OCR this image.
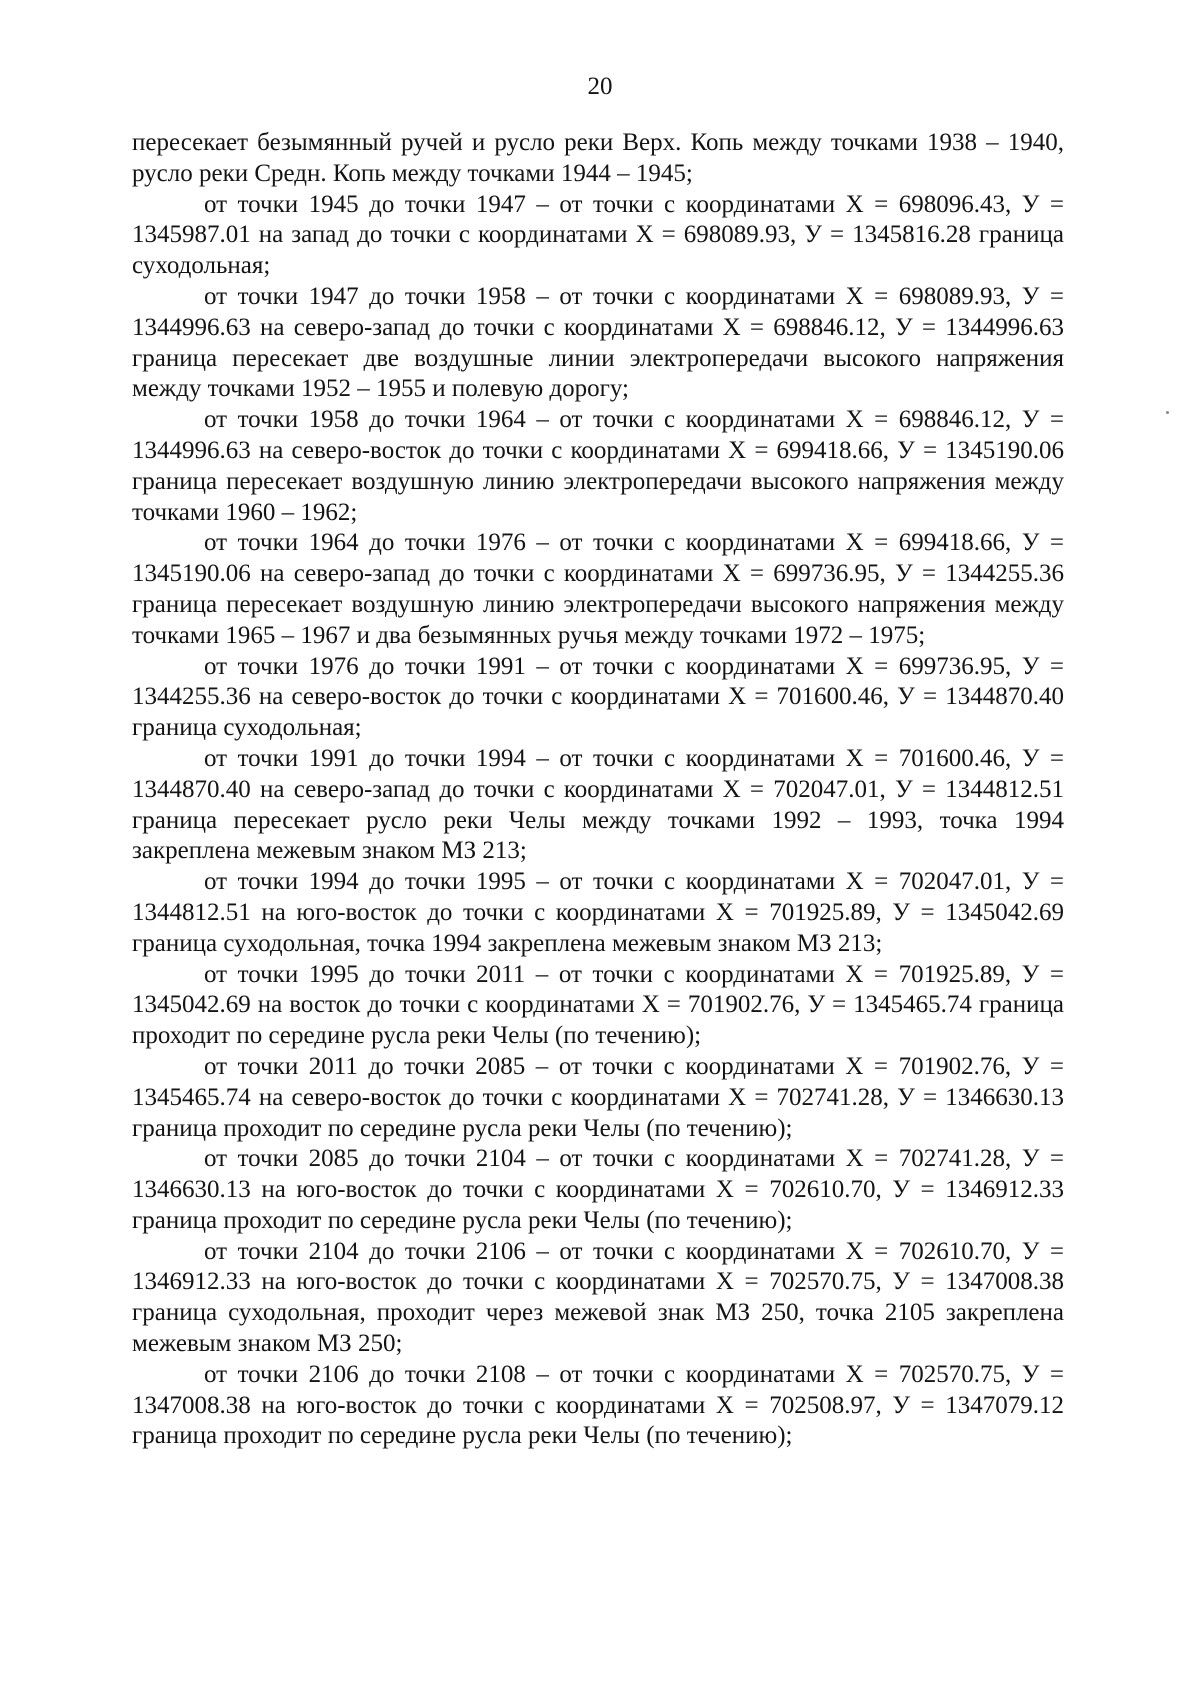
20

пересекает безымянный ручей и русло реки Верх. Копь между точками 1938 – 1940, русло реки Средн. Копь между точками 1944 – 1945;

от точки 1945 до точки 1947 – от точки с координатами Х = 698096.43, У = 1345987.01 на запад до точки с координатами Х = 698089.93, У = 1345816.28 граница суходольная;

от точки 1947 до точки 1958 – от точки с координатами Х = 698089.93, У = 1344996.63 на северо-запад до точки с координатами Х = 698846.12, У = 1344996.63 граница пересекает две воздушные линии электропередачи высокого напряжения между точками 1952 – 1955 и полевую дорогу;

от точки 1958 до точки 1964 – от точки с координатами Х = 698846.12, У = 1344996.63 на северо-восток до точки с координатами Х = 699418.66, У = 1345190.06 граница пересекает воздушную линию электропередачи высокого напряжения между точками 1960 – 1962;

от точки 1964 до точки 1976 – от точки с координатами Х = 699418.66, У = 1345190.06 на северо-запад до точки с координатами Х = 699736.95, У = 1344255.36 граница пересекает воздушную линию электропередачи высокого напряжения между точками 1965 – 1967 и два безымянных ручья между точками 1972 – 1975;

от точки 1976 до точки 1991 – от точки с координатами Х = 699736.95, У = 1344255.36 на северо-восток до точки с координатами Х = 701600.46, У = 1344870.40 граница суходольная;

от точки 1991 до точки 1994 – от точки с координатами Х = 701600.46, У = 1344870.40 на северо-запад до точки с координатами Х = 702047.01, У = 1344812.51 граница пересекает русло реки Челы между точками 1992 – 1993, точка 1994 закреплена межевым знаком МЗ 213;

от точки 1994 до точки 1995 – от точки с координатами Х = 702047.01, У = 1344812.51 на юго-восток до точки с координатами Х = 701925.89, У = 1345042.69 граница суходольная, точка 1994 закреплена межевым знаком МЗ 213;

от точки 1995 до точки 2011 – от точки с координатами Х = 701925.89, У = 1345042.69 на восток до точки с координатами Х = 701902.76, У = 1345465.74 граница проходит по середине русла реки Челы (по течению);

от точки 2011 до точки 2085 – от точки с координатами Х = 701902.76, У = 1345465.74 на северо-восток до точки с координатами Х = 702741.28, У = 1346630.13 граница проходит по середине русла реки Челы (по течению);

от точки 2085 до точки 2104 – от точки с координатами Х = 702741.28, У = 1346630.13 на юго-восток до точки с координатами Х = 702610.70, У = 1346912.33 граница проходит по середине русла реки Челы (по течению);

от точки 2104 до точки 2106 – от точки с координатами Х = 702610.70, У = 1346912.33 на юго-восток до точки с координатами Х = 702570.75, У = 1347008.38 граница суходольная, проходит через межевой знак МЗ 250, точка 2105 закреплена межевым знаком МЗ 250;

от точки 2106 до точки 2108 – от точки с координатами Х = 702570.75, У = 1347008.38 на юго-восток до точки с координатами Х = 702508.97, У = 1347079.12 граница проходит по середине русла реки Челы (по течению);
